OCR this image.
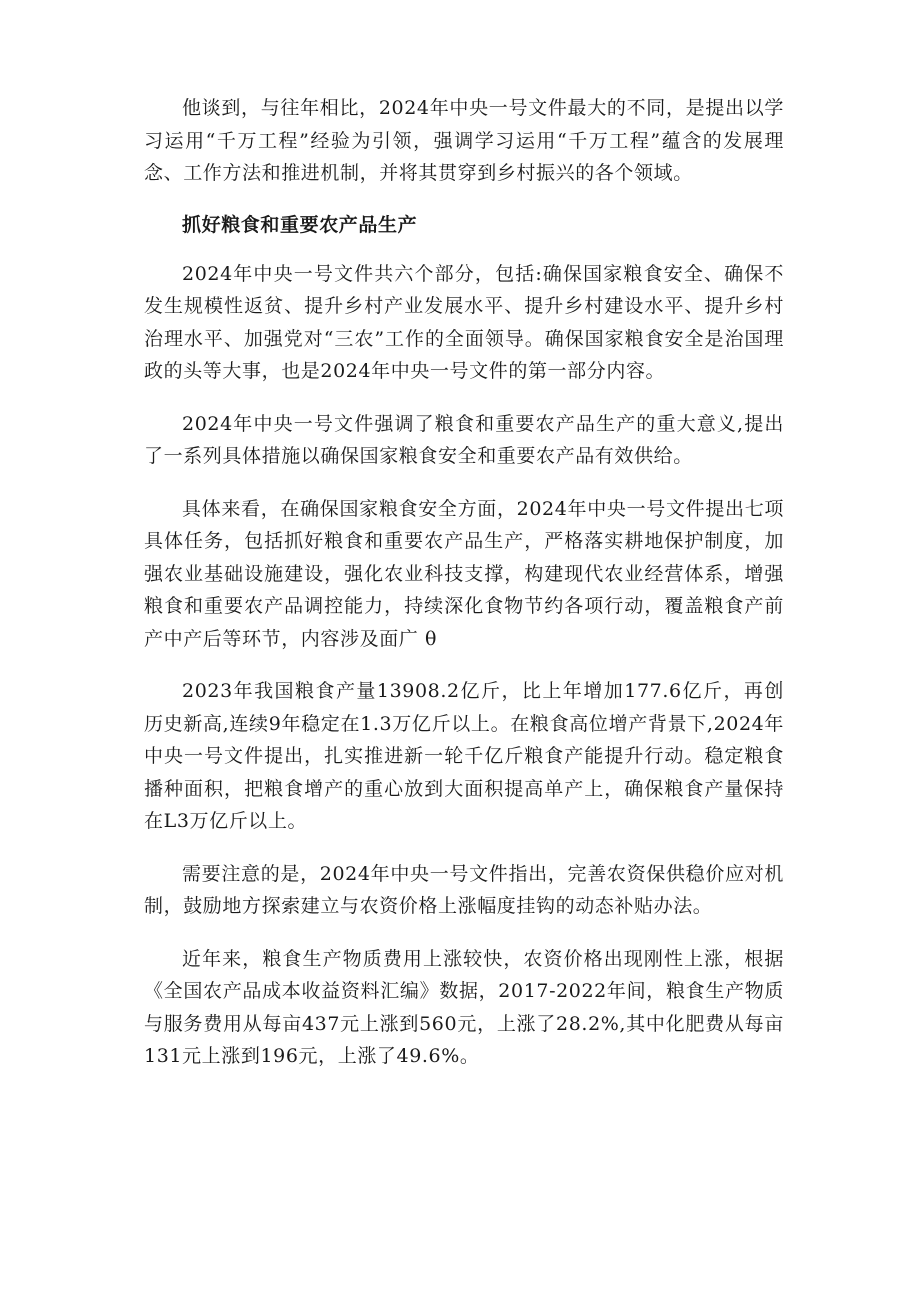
他谈到，与往年相比，2024年中央一号文件最大的不同，是提出以学习运用“千万工程”经验为引领，强调学习运用“千万工程”蕴含的发展理念、工作方法和推进机制，并将其贯穿到乡村振兴的各个领域。

抓好粮食和重要农产品生产

2024年中央一号文件共六个部分，包括:确保国家粮食安全、确保不发生规模性返贫、提升乡村产业发展水平、提升乡村建设水平、提升乡村治理水平、加强党对“三农”工作的全面领导。确保国家粮食安全是治国理政的头等大事，也是2024年中央一号文件的第一部分内容。

2024年中央一号文件强调了粮食和重要农产品生产的重大意义,提出了一系列具体措施以确保国家粮食安全和重要农产品有效供给。

具体来看，在确保国家粮食安全方面，2024年中央一号文件提出七项具体任务，包括抓好粮食和重要农产品生产，严格落实耕地保护制度，加强农业基础设施建设，强化农业科技支撑，构建现代农业经营体系，增强粮食和重要农产品调控能力，持续深化食物节约各项行动，覆盖粮食产前产中产后等环节，内容涉及面广 θ

2023年我国粮食产量13908.2亿斤，比上年增加177.6亿斤，再创历史新高,连续9年稳定在1.3万亿斤以上。在粮食高位增产背景下,2024年中央一号文件提出，扎实推进新一轮千亿斤粮食产能提升行动。稳定粮食播种面积，把粮食增产的重心放到大面积提高单产上，确保粮食产量保持在L3万亿斤以上。

需要注意的是，2024年中央一号文件指出，完善农资保供稳价应对机制，鼓励地方探索建立与农资价格上涨幅度挂钩的动态补贴办法。

近年来，粮食生产物质费用上涨较快，农资价格出现刚性上涨，根据《全国农产品成本收益资料汇编》数据，2017-2022年间，粮食生产物质与服务费用从每亩437元上涨到560元，上涨了28.2%,其中化肥费从每亩131元上涨到196元，上涨了49.6%。
